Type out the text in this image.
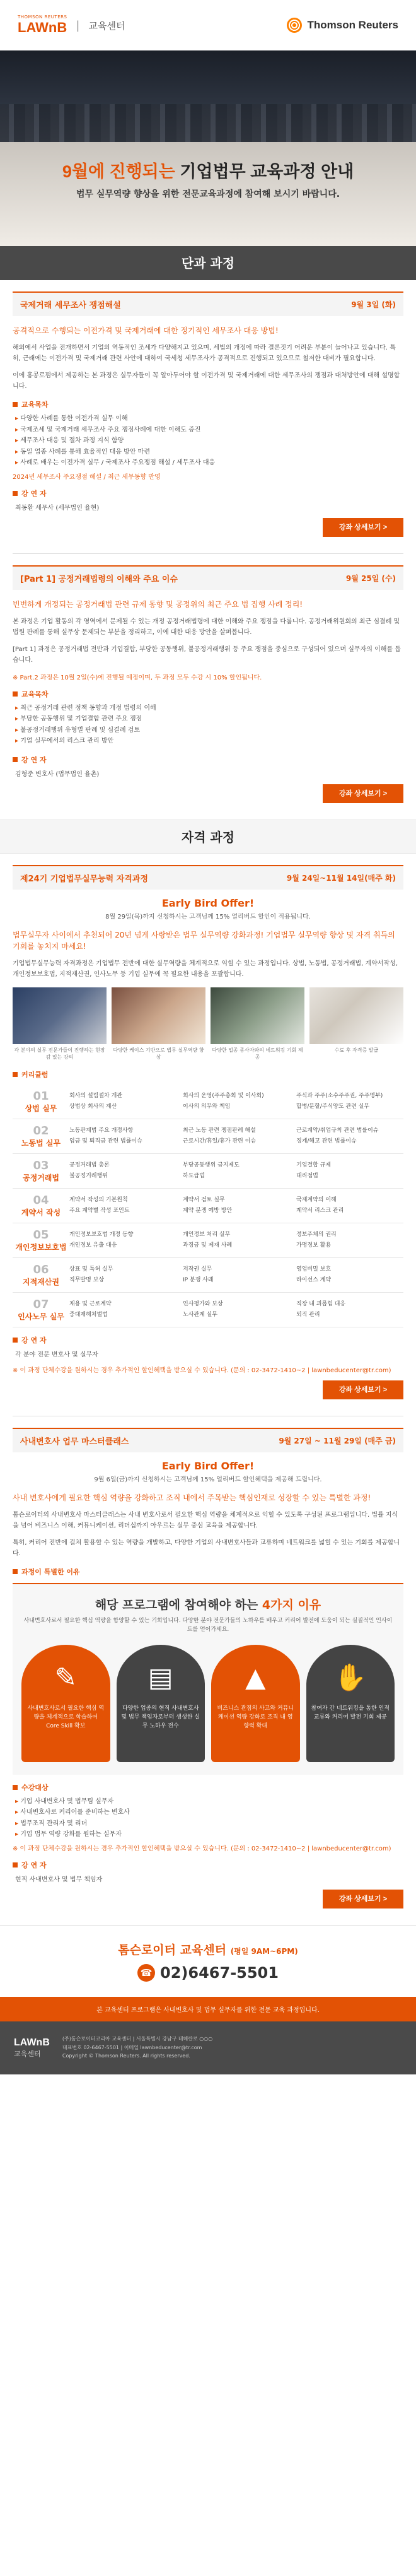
THOMSON REUTERS
LAWnB | 교육센터	Thomson Reuters
9월에 진행되는 기업법무 교육과정 안내
법무 실무역량 향상을 위한 전문교육과정에 참여해 보시기 바랍니다.
단과 과정
국제거래 세무조사 쟁점해설	9월 3일 (화)
공격적으로 수행되는 이전가격 및 국제거래에 대한 정기적인 세무조사 대응 방법!

해외에서 사업을 전개하면서 기업의 역동적인 조세가 다양해지고 있으며, 세법의 개정에 따라 결론짓기 어려운 부분이 늘어나고 있습니다. 특히, 근래에는 이전가격 및 국제거래 관련 사안에 대하여 국세청 세무조사가 공격적으로 진행되고 있으므로 철저한 대비가 필요합니다.

이에 홍콩로펌에서 제공하는 본 과정은 실무자들이 꼭 알아두어야 할 이전가격 및 국제거래에 대한 세무조사의 쟁점과 대처방안에 대해 설명합니다.

교육목차
▸ 다양한 사례를 통한 이전가격 실무 이해
▸ 국제조세 및 국제거래 세무조사 주요 쟁점사례에 대한 이해도 증진
▸ 세무조사 대응 및 절차 과정 지식 함양
▸ 동일 업종 사례를 통해 효율적인 대응 방안 마련
▸ 사례로 배우는 이전가격 실무 / 국제조사 주요쟁점 해설 / 세무조사 대응
2024년 세무조사 주요쟁점 해설 / 최근 세무동향 반영
강 연 자
최동환 세무사 (세무법인 율현)
강좌 상세보기 >
[Part 1] 공정거래법령의 이해와 주요 이슈	9월 25일 (수)
빈번하게 개정되는 공정거래법 관련 규제 동향 및 공정위의 최근 주요 법 집행 사례 정리!

본 과정은 기업 활동의 각 영역에서 문제될 수 있는 개정 공정거래법령에 대한 이해와 주요 쟁점을 다룹니다. 공정거래위원회의 최근 심결례 및 법원 판례를 통해 실무상 문제되는 부분을 정리하고, 이에 대한 대응 방안을 살펴봅니다.

[Part 1] 과정은 공정거래법 전반과 기업결합, 부당한 공동행위, 불공정거래행위 등 주요 쟁점을 중심으로 구성되어 있으며 실무자의 이해를 돕습니다.

※ Part.2 과정은 10월 2일(수)에 진행될 예정이며, 두 과정 모두 수강 시 10% 할인됩니다.
교육목차
▸ 최근 공정거래 관련 정책 동향과 개정 법령의 이해
▸ 부당한 공동행위 및 기업결합 관련 주요 쟁점
▸ 불공정거래행위 유형별 판례 및 심결례 검토
▸ 기업 실무에서의 리스크 관리 방안
강 연 자
김형준 변호사 (법무법인 율촌)
강좌 상세보기 >
자격 과정
제24기 기업법무실무능력 자격과정	9월 24일~11월 14일(매주 화)
Early Bird Offer!
8월 29일(목)까지 신청하시는 고객님께 15% 얼리버드 할인이 적용됩니다.
법무실무자 사이에서 추천되어 20년 넘게 사랑받은 법무 실무역량 강화과정! 기업법무 실무역량 향상 및 자격 취득의 기회를 놓치지 마세요!

기업법무실무능력 자격과정은 기업법무 전반에 대한 실무역량을 체계적으로 익힐 수 있는 과정입니다. 상법, 노동법, 공정거래법, 계약서작성, 개인정보보호법, 지적재산권, 인사노무 등 기업 실무에 꼭 필요한 내용을 포괄합니다.

각 분야의 실무 전문가들이 진행하는 현장감 있는 강의
다양한 케이스 기반으로 법무 실무역량 향상
다양한 업종 종사자와의 네트워킹 기회 제공
수료 후 자격증 발급
커리큘럼
01
상법 실무
회사의 설립절차 개관	회사의 운영(주주총회 및 이사회)	주식과 주주(소수주주권, 주주명부)
상법상 회사의 계산	이사의 의무와 책임	합병/분할/주식양도 관련 실무
02
노동법 실무
노동관계법 주요 개정사항	최근 노동 관련 쟁점판례 해설	근로계약/취업규칙 관련 법률이슈
임금 및 퇴직금 관련 법률이슈	근로시간/휴일/휴가 관련 이슈	징계/해고 관련 법률이슈
03
공정거래법
공정거래법 총론	부당공동행위 금지제도	기업결합 규제
불공정거래행위	하도급법	대리점법
04
계약서 작성
계약서 작성의 기본원칙	계약서 검토 실무	국제계약의 이해
주요 계약별 작성 포인트	계약 분쟁 예방 방안	계약서 리스크 관리
05
개인정보보호법
개인정보보호법 개정 동향	개인정보 처리 실무	정보주체의 권리
개인정보 유출 대응	과징금 및 제재 사례	가명정보 활용
06
지적재산권
상표 및 특허 실무	저작권 실무	영업비밀 보호
직무발명 보상	IP 분쟁 사례	라이선스 계약
07
인사노무 실무
채용 및 근로계약	인사평가와 보상	직장 내 괴롭힘 대응
중대재해처벌법	노사관계 실무	퇴직 관리
강 연 자
각 분야 전문 변호사 및 실무자
※ 이 과정 단체수강을 원하시는 경우 추가적인 할인혜택을 받으실 수 있습니다. (문의 : 02-3472-1410~2 | lawnbeducenter@tr.com)
강좌 상세보기 >
사내변호사 업무 마스터클래스	9월 27일 ~ 11월 29일 (매주 금)
Early Bird Offer!
9월 6일(금)까지 신청하시는 고객님께 15% 얼리버드 할인혜택을 제공해 드립니다.
사내 변호사에게 필요한 핵심 역량을 강화하고 조직 내에서 주목받는 핵심인재로 성장할 수 있는 특별한 과정!

톰슨로이터의 사내변호사 마스터클래스는 사내 변호사로서 필요한 핵심 역량을 체계적으로 익힐 수 있도록 구성된 프로그램입니다. 법률 지식을 넘어 비즈니스 이해, 커뮤니케이션, 리더십까지 아우르는 실무 중심 교육을 제공합니다.

특히, 커리어 전반에 걸쳐 활용할 수 있는 역량을 개발하고, 다양한 기업의 사내변호사들과 교류하며 네트워크를 넓힐 수 있는 기회를 제공합니다.

과정이 특별한 이유
해당 프로그램에 참여해야 하는 4가지 이유
사내변호사로서 필요한 핵심 역량을 함양할 수 있는 기회입니다. 다양한 분야 전문가들의 노하우를 배우고 커리어 발전에 도움이 되는 실질적인 인사이트를 얻어가세요.
✎
사내변호사로서 필요한 핵심 역량을 체계적으로 학습하여 Core Skill 확보
▤
다양한 업종의 현직 사내변호사 및 법무 책임자로부터 생생한 실무 노하우 전수
▲
비즈니스 관점의 사고와 커뮤니케이션 역량 강화로 조직 내 영향력 확대
✋
참여자 간 네트워킹을 통한 인적 교류와 커리어 발전 기회 제공
수강대상
▸ 기업 사내변호사 및 법무팀 실무자
▸ 사내변호사로 커리어를 준비하는 변호사
▸ 법무조직 관리자 및 리더
▸ 기업 법무 역량 강화를 원하는 실무자
※ 이 과정 단체수강을 원하시는 경우 추가적인 할인혜택을 받으실 수 있습니다. (문의 : 02-3472-1410~2 | lawnbeducenter@tr.com)
강 연 자
현직 사내변호사 및 법무 책임자
강좌 상세보기 >
톰슨로이터 교육센터 (평일 9AM~6PM)
☎ 02)6467-5501
본 교육센터 프로그램은 사내변호사 및 법무 실무자를 위한 전문 교육 과정입니다.
LAWnB
교육센터
(주)톰슨로이터코리아 교육센터 | 서울특별시 강남구 테헤란로 ○○○
대표번호 02-6467-5501 | 이메일 lawnbeducenter@tr.com
Copyright © Thomson Reuters. All rights reserved.
